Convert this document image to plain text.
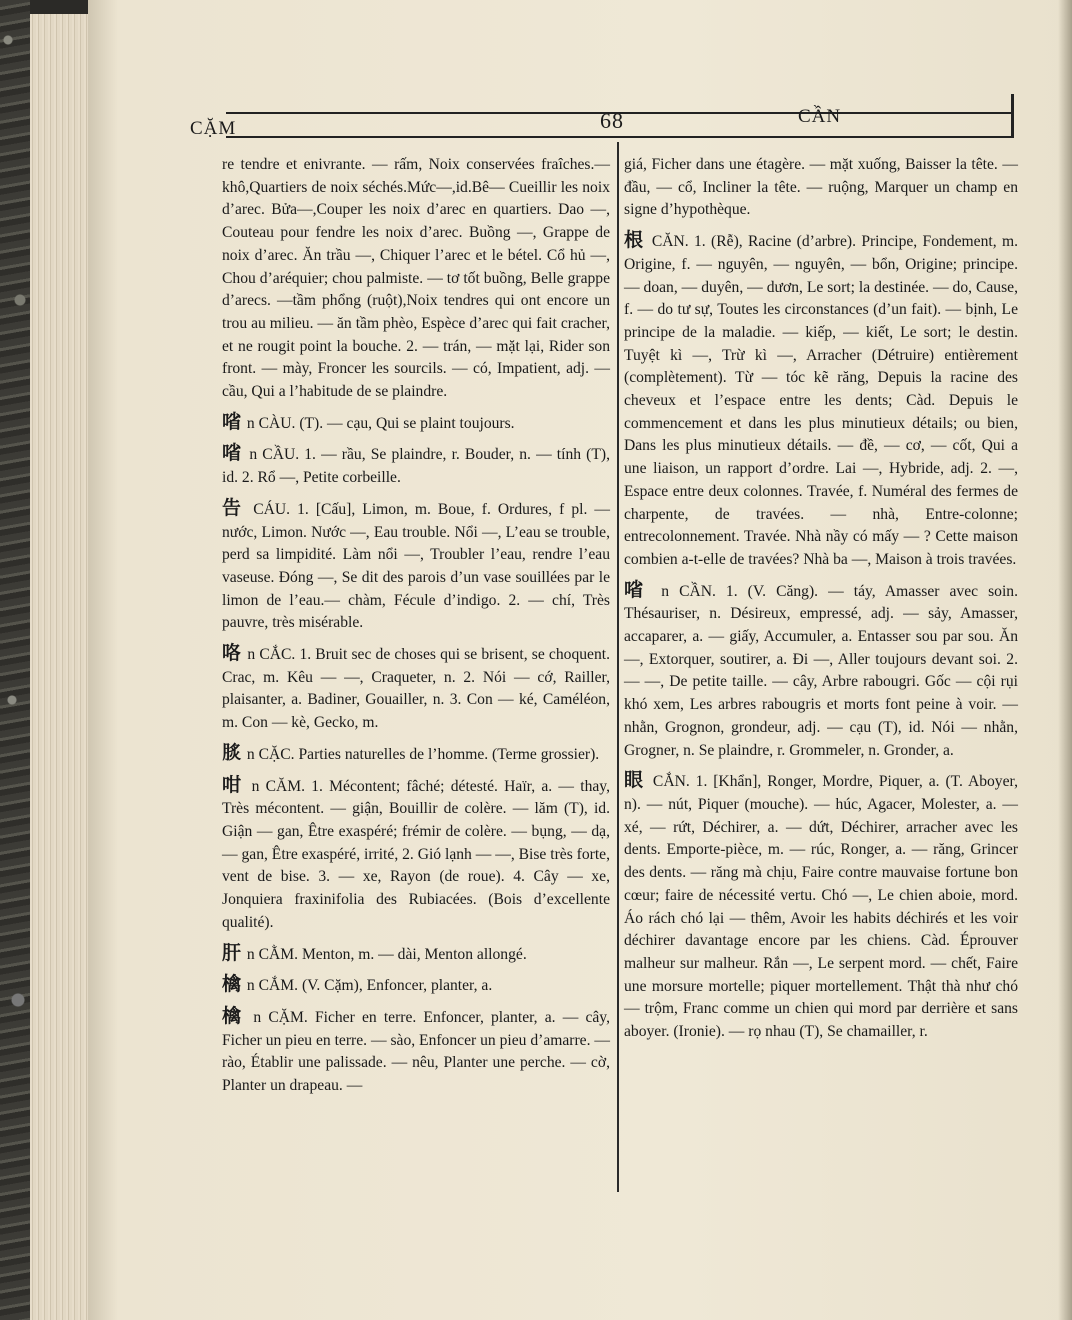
CẶM	68	CẦN

re tendre et enivrante. — rấm, Noix conservées fraîches.—khô,Quartiers de noix séchés.Mức—,id.Bê— Cueillir les noix d’arec. Bửa—,Couper les noix d’arec en quartiers. Dao —, Couteau pour fendre les noix d’arec. Buồng —, Grappe de noix d’arec. Ăn trầu —, Chiquer l’arec et le bétel. Cổ hủ —, Chou d’aréquier; chou palmiste. — tơ tốt buồng, Belle grappe d’arecs. —tầm phổng (ruột),Noix tendres qui ont encore un trou au milieu. — ăn tầm phèo, Espèce d’arec qui fait cracher, et ne rougit point la bouche. 2. — trán, — mặt lại, Rider son front. — mày, Froncer les sourcils. — có, Impatient, adj. — cầu, Qui a l’habitude de se plaindre.

㗂 n CÀU. (T). — cạu, Qui se plaint toujours.

㗂 n CẦU. 1. — rầu, Se plaindre, r. Bouder, n. — tính (T), id. 2. Rổ —, Petite corbeille.

告 CÁU. 1. [Cấu], Limon, m. Boue, f. Ordures, f pl. — nước, Limon. Nước —, Eau trouble. Nổi —, L’eau se trouble, perd sa limpidité. Làm nổi —, Troubler l’eau, rendre l’eau vaseuse. Đóng —, Se dit des parois d’un vase souillées par le limon de l’eau.— chàm, Fécule d’indigo. 2. — chí, Très pauvre, très misérable.

咯 n CẮC. 1. Bruit sec de choses qui se brisent, se choquent. Crac, m. Kêu — —, Craqueter, n. 2. Nói — cớ, Railler, plaisanter, a. Badiner, Gouailler, n. 3. Con — ké, Caméléon, m. Con — kè, Gecko, m.

𦜡 n CẶC. Parties naturelles de l’homme. (Terme grossier).

咁 n CĂM. 1. Mécontent; fâché; détesté. Haïr, a. — thay, Très mécontent. — giận, Bouillir de colère. — lăm (T), id. Giận — gan, Être exaspéré; frémir de colère. — bụng, — dạ, — gan, Être exaspéré, irrité, 2. Gió lạnh — —, Bise très forte, vent de bise. 3. — xe, Rayon (de roue). 4. Cây — xe, Jonquiera fraxinifolia des Rubiacées. (Bois d’excellente qualité).

肝 n CẰM. Menton, m. — dài, Menton allongé.

檎 n CẮM. (V. Cặm), Enfoncer, planter, a.

檎 n CẶM. Ficher en terre. Enfoncer, planter, a. — cây, Ficher un pieu en terre. — sào, Enfoncer un pieu d’amarre. — rào, Établir une palissade. — nêu, Planter une perche. — cờ, Planter un drapeau. —

giá, Ficher dans une étagère. — mặt xuống, Baisser la tête. — đầu, — cổ, Incliner la tête. — ruộng, Marquer un champ en signe d’hypothèque.

根 CĂN. 1. (Rễ), Racine (d’arbre). Principe, Fondement, m. Origine, f. — nguyên, — nguyên, — bổn, Origine; principe. — doan, — duyên, — dươn, Le sort; la destinée. — do, Cause, f. — do tư sự, Toutes les circonstances (d’un fait). — bịnh, Le principe de la maladie. — kiếp, — kiết, Le sort; le destin. Tuyệt kì —, Trừ kì —, Arracher (Détruire) entièrement (complètement). Từ — tóc kẽ răng, Depuis la racine des cheveux et l’espace entre les dents; Càd. Depuis le commencement et dans les plus minutieux détails; ou bien, Dans les plus minutieux détails. — đề, — cơ, — cốt, Qui a une liaison, un rapport d’ordre. Lai —, Hybride, adj. 2. —, Espace entre deux colonnes. Travée, f. Numéral des fermes de charpente, de travées. — nhà, Entre-colonne; entrecolonnement. Travée. Nhà nầy có mấy — ? Cette maison combien a-t-elle de travées? Nhà ba —, Maison à trois travées.

㗂 n CẦN. 1. (V. Căng). — táy, Amasser avec soin. Thésauriser, n. Désireux, empressé, adj. — sảy, Amasser, accaparer, a. — giấy, Accumuler, a. Entasser sou par sou. Ăn —, Extorquer, soutirer, a. Đi —, Aller toujours devant soi. 2. — —, De petite taille. — cây, Arbre rabougri. Gốc — cội rụi khó xem, Les arbres rabougris et morts font peine à voir. — nhằn, Grognon, grondeur, adj. — cạu (T), id. Nói — nhằn, Grogner, n. Se plaindre, r. Grommeler, n. Gronder, a.

眼 CẮN. 1. [Khẩn], Ronger, Mordre, Piquer, a. (T. Aboyer, n). — nút, Piquer (mouche). — húc, Agacer, Molester, a. — xé, — rứt, Déchirer, a. — dứt, Déchirer, arracher avec les dents. Emporte-pièce, m. — rúc, Ronger, a. — răng, Grincer des dents. — răng mà chịu, Faire contre mauvaise fortune bon cœur; faire de nécessité vertu. Chó —, Le chien aboie, mord. Áo rách chó lại — thêm, Avoir les habits déchirés et les voir déchirer davantage encore par les chiens. Càd. Éprouver malheur sur malheur. Rắn —, Le serpent mord. — chết, Faire une morsure mortelle; piquer mortellement. Thật thà như chó — trộm, Franc comme un chien qui mord par derrière et sans aboyer. (Ironie). — rọ nhau (T), Se chamailler, r.
